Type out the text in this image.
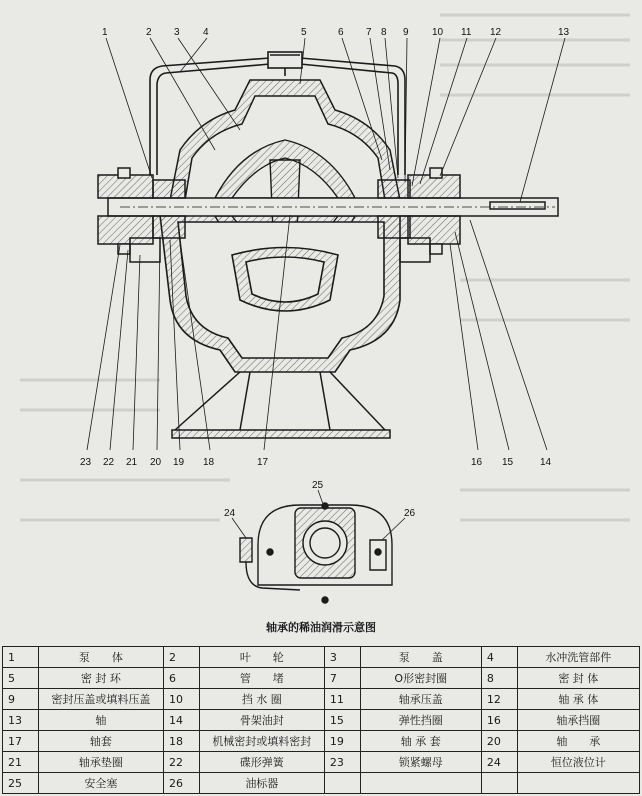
1	2 3 4	5	6 7 8 9 10 11 12	13
23 22 21 20 19 18	17	16 15	14
25
24	26
轴承的稀油润滑示意图
1	泵　　体	2	叶　　轮	3	泵　　盖	4	水冲洗管部件
5	密 封 环	6	管　　堵	7	O形密封圈	8	密 封 体
9	密封压盖或填料压盖	10	挡 水 圈	11	轴承压盖	12	轴 承 体
13	轴	14	骨架油封	15	弹性挡圈	16	轴承挡圈
17	轴套	18	机械密封或填料密封	19	轴 承 套	20	轴　　承
21	轴承垫圈	22	碟形弹簧	23	锁紧螺母	24	恒位液位计
25	安全塞	26	油标器				
